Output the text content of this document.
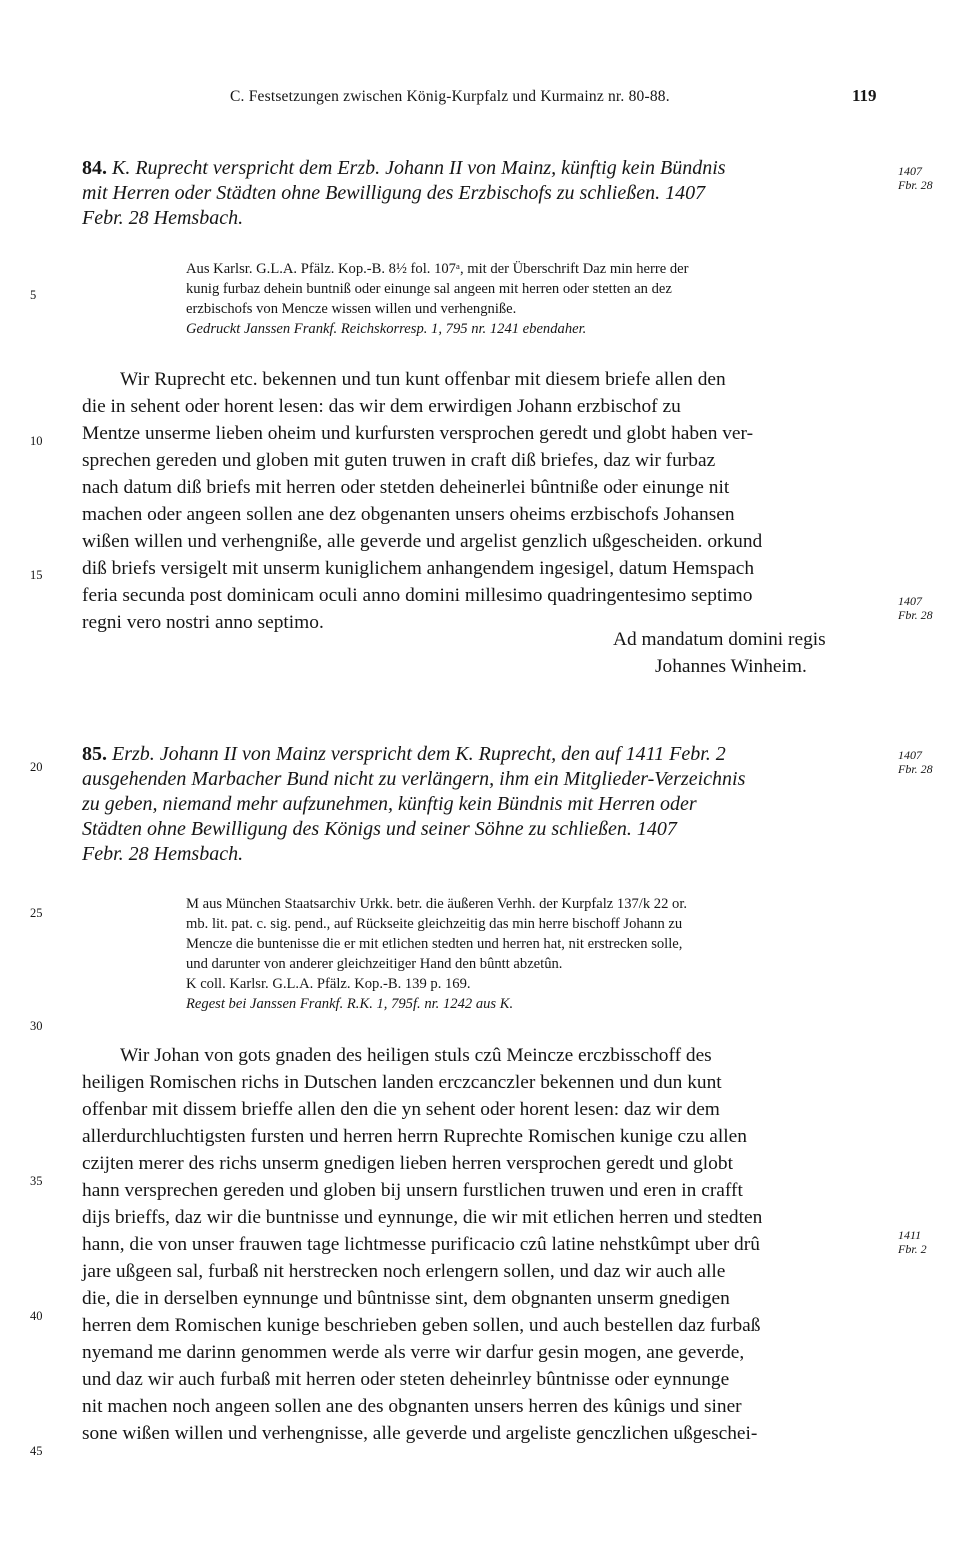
C. Festsetzungen zwischen König-Kurpfalz und Kurmainz nr. 80-88.	119
84. K. Ruprecht verspricht dem Erzb. Johann II von Mainz, künftig kein Bündnis
mit Herren oder Städten ohne Bewilligung des Erzbischofs zu schließen. 1407
Febr. 28 Hemsbach.
1407
Fbr. 28
Aus Karlsr. G.L.A. Pfälz. Kop.-B. 8½ fol. 107ᵃ, mit der Überschrift Daz min herre der
kunig furbaz dehein buntniß oder einunge sal angeen mit herren oder stetten an dez
erzbischofs von Mencze wissen willen und verhengniße.
Gedruckt Janssen Frankf. Reichskorresp. 1, 795 nr. 1241 ebendaher.
Wir Ruprecht etc. bekennen und tun kunt offenbar mit diesem briefe allen den
die in sehent oder horent lesen: das wir dem erwirdigen Johann erzbischof zu
Mentze unserme lieben oheim und kurfursten versprochen geredt und globt haben ver-
sprechen gereden und globen mit guten truwen in craft diß briefes, daz wir furbaz
nach datum diß briefs mit herren oder stetden deheinerlei bûntniße oder einunge nit
machen oder angeen sollen ane dez obgenanten unsers oheims erzbischofs Johansen
wißen willen und verhengniße, alle geverde und argelist genzlich ußgescheiden. orkund
diß briefs versigelt mit unserm kuniglichem anhangendem ingesigel, datum Hemspach
feria secunda post dominicam oculi anno domini millesimo quadringentesimo septimo
regni vero nostri anno septimo.
1407
Fbr. 28
Ad mandatum domini regis
Johannes Winheim.
85. Erzb. Johann II von Mainz verspricht dem K. Ruprecht, den auf 1411 Febr. 2
ausgehenden Marbacher Bund nicht zu verlängern, ihm ein Mitglieder-Verzeichnis
zu geben, niemand mehr aufzunehmen, künftig kein Bündnis mit Herren oder
Städten ohne Bewilligung des Königs und seiner Söhne zu schließen. 1407
Febr. 28 Hemsbach.
1407
Fbr. 28
M aus München Staatsarchiv Urkk. betr. die äußeren Verhh. der Kurpfalz 137/k 22 or.
mb. lit. pat. c. sig. pend., auf Rückseite gleichzeitig das min herre bischoff Johann zu
Mencze die buntenisse die er mit etlichen stedten und herren hat, nit erstrecken solle,
und darunter von anderer gleichzeitiger Hand den bûntt abzetûn.
K coll. Karlsr. G.L.A. Pfälz. Kop.-B. 139 p. 169.
Regest bei Janssen Frankf. R.K. 1, 795f. nr. 1242 aus K.
Wir Johan von gots gnaden des heiligen stuls czû Meincze erczbisschoff des
heiligen Romischen richs in Dutschen landen erczcanczler bekennen und dun kunt
offenbar mit dissem brieffe allen den die yn sehent oder horent lesen: daz wir dem
allerdurchluchtigsten fursten und herren herrn Ruprechte Romischen kunige czu allen
czijten merer des richs unserm gnedigen lieben herren versprochen geredt und globt
hann versprechen gereden und globen bij unsern furstlichen truwen und eren in crafft
dijs brieffs, daz wir die buntnisse und eynnunge, die wir mit etlichen herren und stedten
hann, die von unser frauwen tage lichtmesse purificacio czû latine nehstkûmpt uber drû
jare ußgeen sal, furbaß nit herstrecken noch erlengern sollen, und daz wir auch alle
die, die in derselben eynnunge und bûntnisse sint, dem obgnanten unserm gnedigen
herren dem Romischen kunige beschrieben geben sollen, und auch bestellen daz furbaß
nyemand me darinn genommen werde als verre wir darfur gesin mogen, ane geverde,
und daz wir auch furbaß mit herren oder steten deheinrley bûntnisse oder eynnunge
nit machen noch angeen sollen ane des obgnanten unsers herren des kûnigs und siner
sone wißen willen und verhengnisse, alle geverde und argeliste genczlichen ußgeschei-
1411
Fbr. 2
5
10
15
20
25
30
35
40
45
